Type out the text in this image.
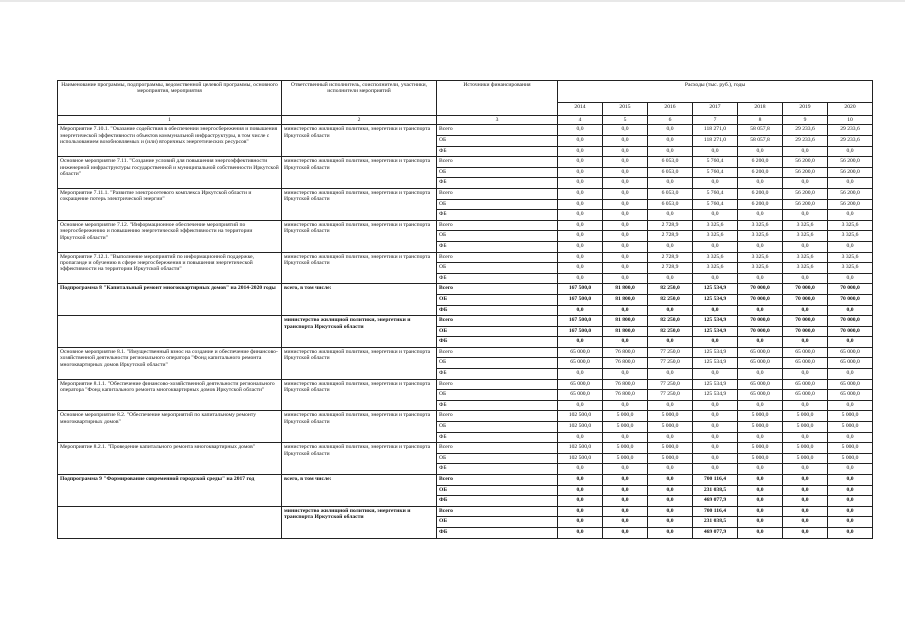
Наименование программы, подпрограммы, ведомственной целевой программы, основного мероприятия, мероприятия	Ответственный исполнитель, соисполнители, участники, исполнители мероприятий	Источники финансирования	Расходы (тыс. руб.), годы						
			2014	2015	2016	2017	2018	2019	2020
1	2	3	4	5	6	7	8	9	10
Мероприятие 7.10.1. "Оказание содействия в обеспечении энергосбережения и повышения энергетической эффективности объектов коммунальной инфраструктуры, в том числе с использованием возобновляемых и (или) вторичных энергетических ресурсов"	министерство жилищной политики, энергетики и транспорта Иркутской области	Всего	0,0	0,0	0,0	118 271,0	58 057,8	29 233,6	29 233,6
		ОБ	0,0	0,0	0,0	118 271,0	58 057,8	29 233,6	29 233,6
		ФБ	0,0	0,0	0,0	0,0	0,0	0,0	0,0
Основное мероприятие 7.11. "Создание условий для повышения энергоэффективности инженерной инфраструктуры государственной и муниципальной собственности Иркутской области"	министерство жилищной политики, энергетики и транспорта Иркутской области	Всего	0,0	0,0	6 053,0	5 760,4	6 200,0	56 200,0	56 200,0
		ОБ	0,0	0,0	6 053,0	5 760,4	6 200,0	56 200,0	56 200,0
		ФБ	0,0	0,0	0,0	0,0	0,0	0,0	0,0
Мероприятие 7.11.1. "Развитие электросетевого комплекса Иркутской области и сокращение потерь электрической энергии"	министерство жилищной политики, энергетики и транспорта Иркутской области	Всего	0,0	0,0	6 053,0	5 760,4	6 200,0	56 200,0	56 200,0
		ОБ	0,0	0,0	6 053,0	5 760,4	6 200,0	56 200,0	56 200,0
		ФБ	0,0	0,0	0,0	0,0	0,0	0,0	0,0
Основное мероприятие 7.12. "Информационное обеспечение мероприятий по энергосбережению и повышению энергетической эффективности на территории Иркутской области"	министерство жилищной политики, энергетики и транспорта Иркутской области	Всего	0,0	0,0	2 728,9	3 325,6	3 325,6	3 325,6	3 325,6
		ОБ	0,0	0,0	2 728,9	3 325,6	3 325,6	3 325,6	3 325,6
		ФБ	0,0	0,0	0,0	0,0	0,0	0,0	0,0
Мероприятие 7.12.1. "Выполнение мероприятий по информационной поддержке, пропаганде и обучению в сфере энергосбережения и повышения энергетической эффективности на территории Иркутской области"	министерство жилищной политики, энергетики и транспорта Иркутской области	Всего	0,0	0,0	2 728,9	3 325,6	3 325,6	3 325,6	3 325,6
		ОБ	0,0	0,0	2 728,9	3 325,6	3 325,6	3 325,6	3 325,6
		ФБ	0,0	0,0	0,0	0,0	0,0	0,0	0,0
Подпрограмма 8 "Капитальный ремонт многоквартирных домов" на 2014-2020 годы	всего, в том числе:	Всего	167 500,0	81 800,0	82 250,0	125 534,9	70 000,0	70 000,0	70 000,0
		ОБ	167 500,0	81 800,0	82 250,0	125 534,9	70 000,0	70 000,0	70 000,0
		ФБ	0,0	0,0	0,0	0,0	0,0	0,0	0,0
	министерство жилищной политики, энергетики и транспорта Иркутской области	Всего	167 500,0	81 800,0	82 250,0	125 534,9	70 000,0	70 000,0	70 000,0
		ОБ	167 500,0	81 800,0	82 250,0	125 534,9	70 000,0	70 000,0	70 000,0
		ФБ	0,0	0,0	0,0	0,0	0,0	0,0	0,0
Основное мероприятие 8.1. "Имущественный взнос на создание и обеспечение финансово-хозяйственной деятельности регионального оператора "Фонд капитального ремонта многоквартирных домов Иркутской области"	министерство жилищной политики, энергетики и транспорта Иркутской области	Всего	65 000,0	76 800,0	77 250,0	125 534,9	65 000,0	65 000,0	65 000,0
		ОБ	65 000,0	76 800,0	77 250,0	125 534,9	65 000,0	65 000,0	65 000,0
		ФБ	0,0	0,0	0,0	0,0	0,0	0,0	0,0
Мероприятие 8.1.1. "Обеспечение финансово-хозяйственной деятельности регионального оператора "Фонд капитального ремонта многоквартирных домов Иркутской области"	министерство жилищной политики, энергетики и транспорта Иркутской области	Всего	65 000,0	76 800,0	77 250,0	125 534,9	65 000,0	65 000,0	65 000,0
		ОБ	65 000,0	76 800,0	77 250,0	125 534,9	65 000,0	65 000,0	65 000,0
		ФБ	0,0	0,0	0,0	0,0	0,0	0,0	0,0
Основное мероприятие 8.2. "Обеспечение мероприятий по капитальному ремонту многоквартирных домов"	министерство жилищной политики, энергетики и транспорта Иркутской области	Всего	102 500,0	5 000,0	5 000,0	0,0	5 000,0	5 000,0	5 000,0
		ОБ	102 500,0	5 000,0	5 000,0	0,0	5 000,0	5 000,0	5 000,0
		ФБ	0,0	0,0	0,0	0,0	0,0	0,0	0,0
Мероприятие 8.2.1. "Проведение капитального ремонта многоквартирных домов"	министерство жилищной политики, энергетики и транспорта Иркутской области	Всего	102 500,0	5 000,0	5 000,0	0,0	5 000,0	5 000,0	5 000,0
		ОБ	102 500,0	5 000,0	5 000,0	0,0	5 000,0	5 000,0	5 000,0
		ФБ	0,0	0,0	0,0	0,0	0,0	0,0	0,0
Подпрограмма 9 "Формирование современной городской среды" на 2017 год	всего, в том числе:	Всего	0,0	0,0	0,0	700 116,4	0,0	0,0	0,0
		ОБ	0,0	0,0	0,0	231 038,5	0,0	0,0	0,0
		ФБ	0,0	0,0	0,0	469 077,9	0,0	0,0	0,0
	министерство жилищной политики, энергетики и транспорта Иркутской области	Всего	0,0	0,0	0,0	700 116,4	0,0	0,0	0,0
		ОБ	0,0	0,0	0,0	231 038,5	0,0	0,0	0,0
		ФБ	0,0	0,0	0,0	469 077,9	0,0	0,0	0,0
